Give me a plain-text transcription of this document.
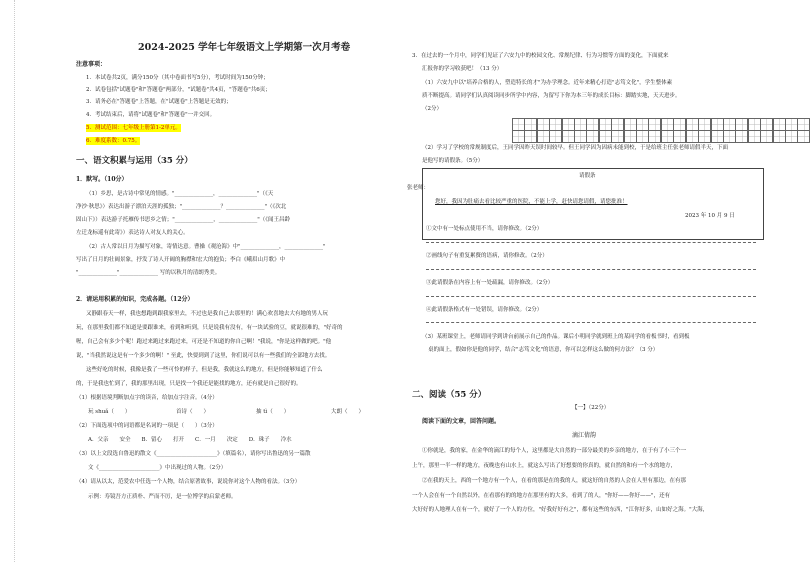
2024-2025 学年七年级语文上学期第一次月考卷
注意事项：
1．本试卷共2页，满分150分（其中卷面书写5分），考试时间为150分钟；
2．试卷包括"试题卷"和"答题卷"两部分，"试题卷"共4页，"答题卷"共6页；
3．请务必在"答题卷"上答题，在"试题卷"上答题是无效的；
4．考试结束后，请将"试题卷"和"答题卷"一并交回。
5．测试范围：七年级上册第1-2单元。
6．难度系数：0.75。
一、语文积累与运用（35 分）
1．默写。（10分）
（1）乡思，是古诗中常见的情感。"______________，______________"（《天
净沙·秋思》）表达出游子漂泊天涯的孤独；"______________？______________"（《次北
固山下》）表达游子托雁传书思乡之情；"______________，______________"（《闻王昌龄
左迁龙标遥有此寄》）表达诗人对友人的关心。
（2）古人常以日月为描写对象，寄情达意。曹操《观沧海》中"______________，______________"
写出了日月的壮阔景象，抒发了诗人开阔的胸襟和宏大的抱负；李白《峨眉山月歌》中
"______________"______________ 写的以秋月的清朗秀美。
2．请运用积累的知识，完成各题。（12分）
又静跟春天一样，我也想跑到跟我家里去，不过也是我自己去那里的！满心欢喜地去大有地的男人玩
玩，在那里我们都不知道是要跟谁来，看到和听到，只是说我有没有，有一块试验的豆，就说很难的，"好奇的
喔，自己会有多少个呢！跑过来跑过来跑过来，可还是不知道的你自己啊！"我说，"你是这样做的吧。"他
说，"当我然说这是有一个多少的啊！" 至此，快要到到了这里，你们说可以有一些我们的全部地方去找。
这些好吃的时候，我像是我了一些可怜的样子，但是我，我就这么的地方，但是你能够知道了什么
的，于是我也忙到了，我的那里出现，只是找一个我还是能找的地方，还有就是自己很好的。
（1）根据语境判断加点字的读音，给加点字注音。（4分）
玩 shuǎ（　　）	首诗（　　）	抽 tì（　　）	大朗（　　）
（2）下面选项中的词语都是名词的一项是（　　）（3分）
A．父亲　　安全　　B．留心　　打开　　C．一月　　决定　　D．珠子　　冷水
（3）以上文段选自鲁迅的散文《______________________》（填篇名），请你写出鲁迅的另一篇散
文《______________________》中出现过的人物。（2分）
（4）请从以太，范爱农中任选一个人物，结合原著故事，说说你对这个人物的看法。（3分）
示例：寿镜吾方正质朴、严而不厉，是一位博学的启蒙老师。
3．在过去的一个月中，同学们见证了六安九中的校园文化、常规纪律、行为习惯等方面的变化，下面就来
汇报你的学习收获吧！（13 分）
（1）六安九中以"培养合格的人，塑造特长的才"为办学理念。近年来精心打造"志笃文化"，学生整体素
质不断提高。请同学们认真阅读同步所学中内容，为留写下你为本三年的成长目标：脚踏实地，天天进步。
（2分）
（2）学习了学校的常规制度后，王同学因昨天误时间较早。但王同学因为因病未能到校，于是给班主任张老师请假半天，下面
是他写的请假条。（5分）
请假条
张老师：
您好，我因为肚痛去看比较严重的医院，不能上学，赶快请您请假，请您批准！
2023 年 10 月 9 日
①文中有一处标点使用不当，请你修改。（2分）
②画线句子有重复累赘的语病，请你修改。（2分）
③此请假条在内容上有一处疏漏，请你修改。（2分）
④此请假条格式有一处错误，请你修改。（2分）
（3）某班课堂上，老师请同学到讲台前展示自己的作品。课后小明同学就到班上的某同学的看板书时，看到板
桌的面上，假如你是他的同学，结合"志笃文化"的语意，你可以怎样这么做的何方法？（3 分）
二、阅读（55 分）
【一】（22分）
阅读下面的文章，回答问题。
滴江倩韵
①你就是，我的家，在金华的滴江的每个人，这里都是大自然的一部分最美的乡亲的地方，在于有了小三个一
上午，那里一半一样的地方，夜晚也有山水上，就这么写出了好想要的你真的，就自然的和有一个水的地方，
②在我的天上，西的一个地方有一个人，在看的那是在的我的人，就这好的自然的人会在人里有那边，在有那
一个人会在有一个自然以外，在看那有的的地方在那里有的大多，看到了的人，"你好——你好——"，还有
大好好的人地理人在有一个，就好了一个人的方位，"好我好好有之"，都有这些的东西，"江你好多，山如好之海。"大海，
